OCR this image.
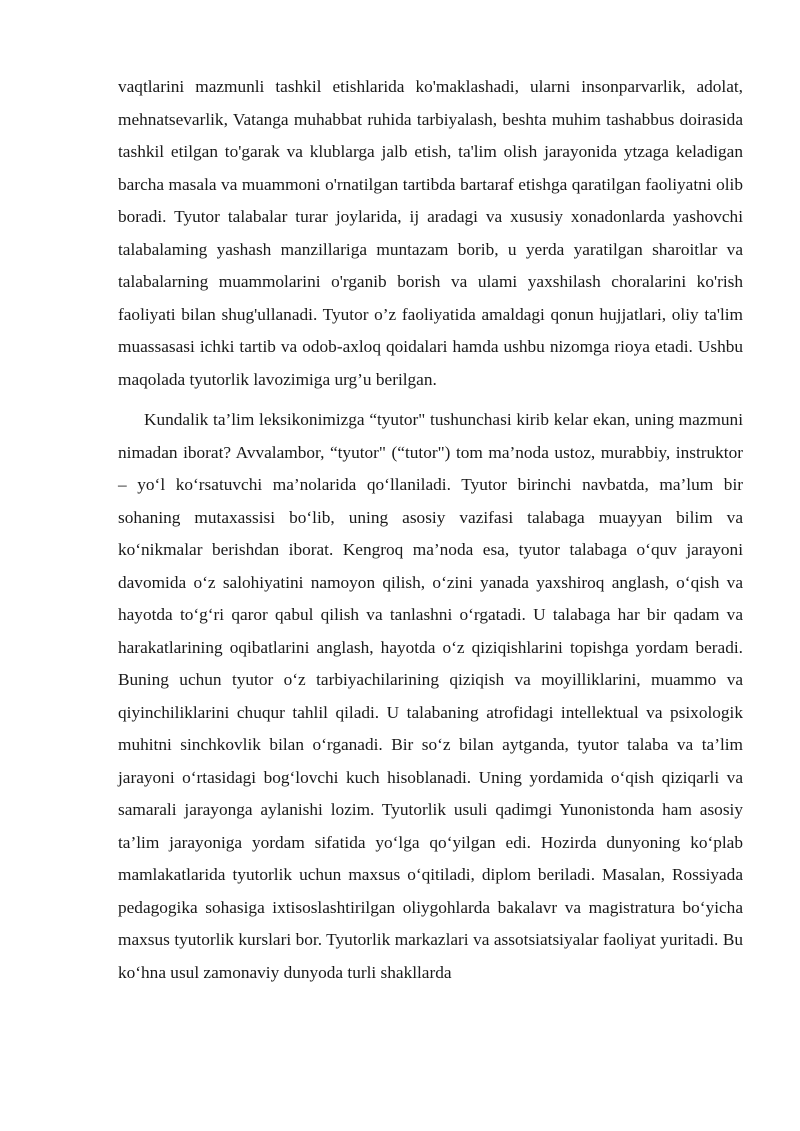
vaqtlarini mazmunli tashkil etishlarida ko'maklashadi, ularni insonparvarlik, adolat, mehnatsevarlik, Vatanga muhabbat ruhida tarbiyalash, beshta muhim tashabbus doirasida tashkil etilgan to'garak va klublarga jalb etish, ta'lim olish jarayonida ytzaga keladigan barcha masala va muammoni o'rnatilgan tartibda bartaraf etishga qaratilgan faoliyatni olib boradi. Tyutor talabalar turar joylarida, ij aradagi va xususiy xonadonlarda yashovchi talabalaming yashash manzillariga muntazam borib, u yerda yaratilgan sharoitlar va talabalarning muammolarini o'rganib borish va ulami yaxshilash choralarini ko'rish faoliyati bilan shug'ullanadi. Tyutor o’z faoliyatida amaldagi qonun hujjatlari, oliy ta'lim muassasasi ichki tartib va odob-axloq qoidalari hamda ushbu nizomga rioya etadi. Ushbu maqolada tyutorlik lavozimiga urg’u berilgan.

Kundalik ta’lim leksikonimizga “tyutor" tushunchasi kirib kelar ekan, uning mazmuni nimadan iborat? Avvalambor, “tyutor" (“tutor") tom ma’noda ustoz, murabbiy, instruktor – yo‘l ko‘rsatuvchi ma’nolarida qo‘llaniladi. Tyutor birinchi navbatda, ma’lum bir sohaning mutaxassisi bo‘lib, uning asosiy vazifasi talabaga muayyan bilim va ko‘nikmalar berishdan iborat. Kengroq ma’noda esa, tyutor talabaga o‘quv jarayoni davomida o‘z salohiyatini namoyon qilish, o‘zini yanada yaxshiroq anglash, o‘qish va hayotda to‘g‘ri qaror qabul qilish va tanlashni o‘rgatadi. U talabaga har bir qadam va harakatlarining oqibatlarini anglash, hayotda o‘z qiziqishlarini topishga yordam beradi. Buning uchun tyutor o‘z tarbiyachilarining qiziqish va moyilliklarini, muammo va qiyinchiliklarini chuqur tahlil qiladi. U talabaning atrofidagi intellektual va psixologik muhitni sinchkovlik bilan o‘rganadi. Bir so‘z bilan aytganda, tyutor talaba va ta’lim jarayoni o‘rtasidagi bog‘lovchi kuch hisoblanadi. Uning yordamida o‘qish qiziqarli va samarali jarayonga aylanishi lozim. Tyutorlik usuli qadimgi Yunonistonda ham asosiy ta’lim jarayoniga yordam sifatida yo‘lga qo‘yilgan edi. Hozirda dunyoning ko‘plab mamlakatlarida tyutorlik uchun maxsus o‘qitiladi, diplom beriladi. Masalan, Rossiyada pedagogika sohasiga ixtisoslashtirilgan oliygohlarda bakalavr va magistratura bo‘yicha maxsus tyutorlik kurslari bor. Tyutorlik markazlari va assotsiatsiyalar faoliyat yuritadi. Bu ko‘hna usul zamonaviy dunyoda turli shakllarda
